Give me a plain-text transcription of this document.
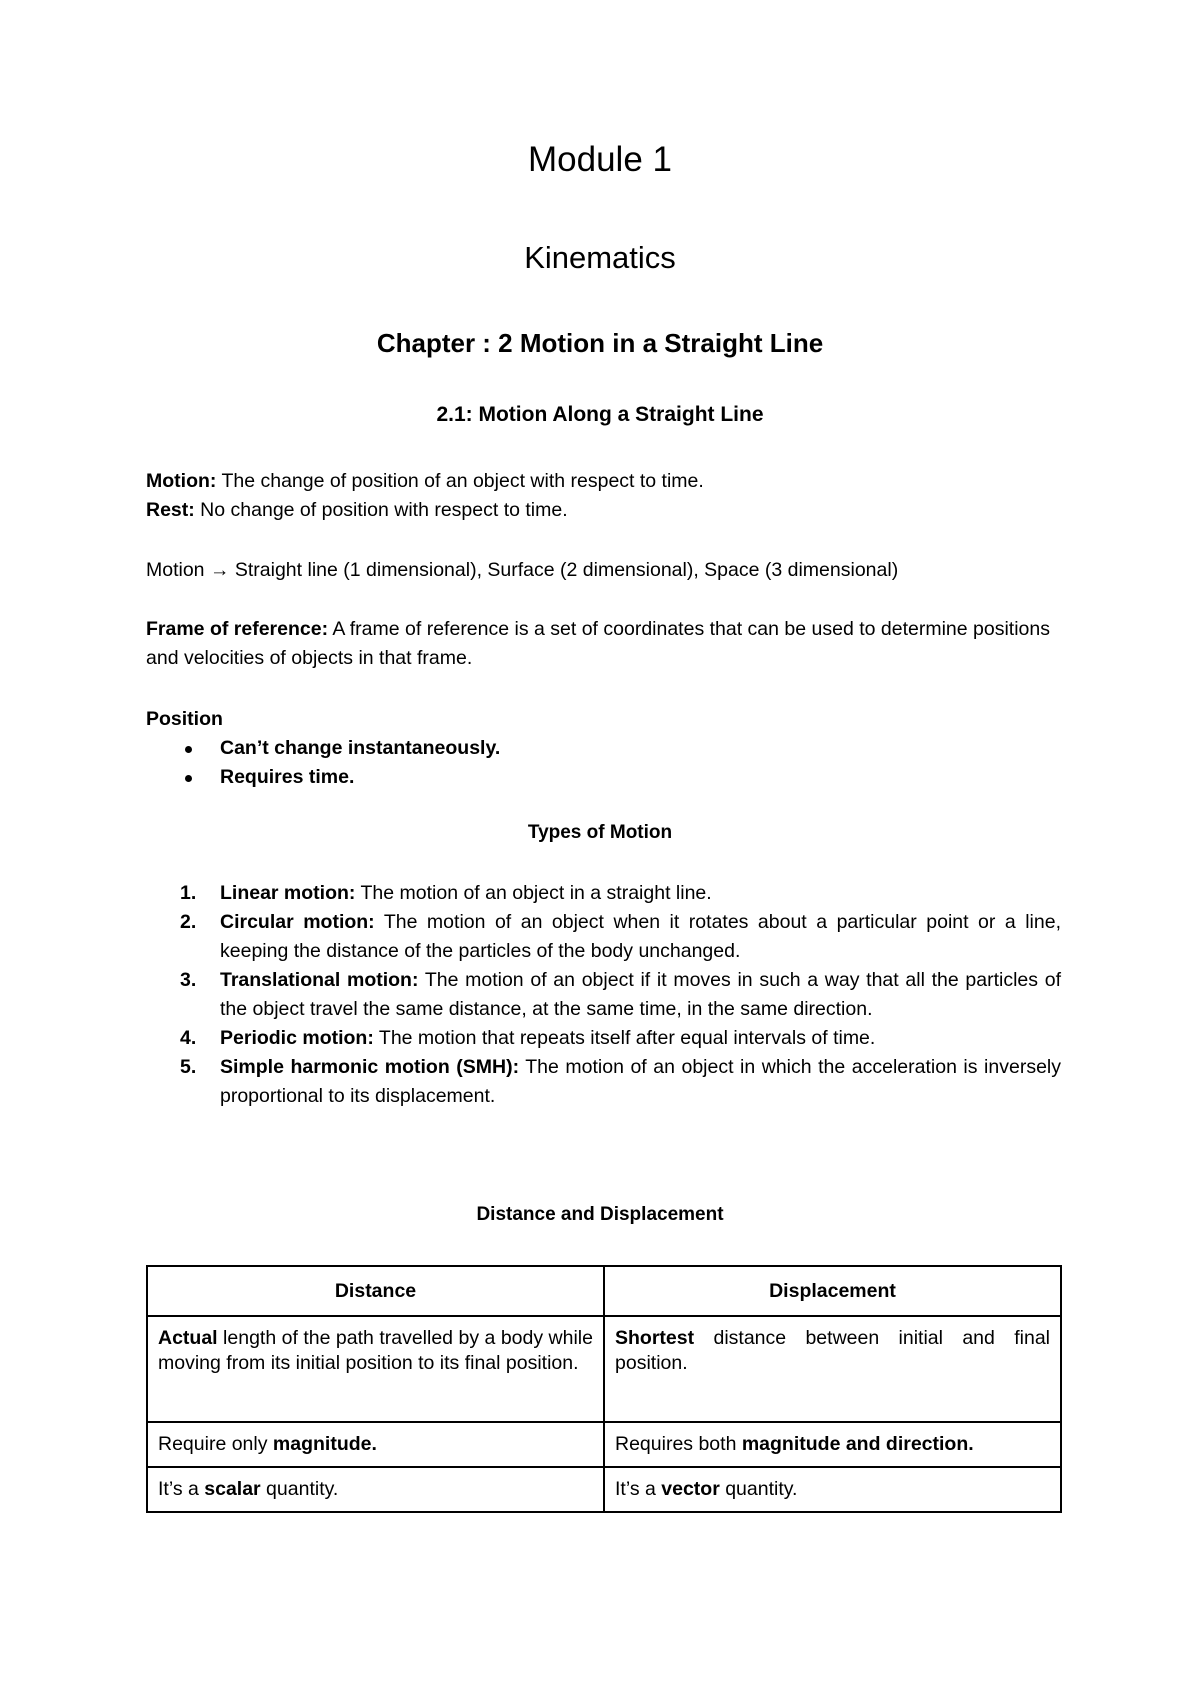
Module 1
Kinematics
Chapter : 2 Motion in a Straight Line
2.1: Motion Along a Straight Line
Motion: The change of position of an object with respect to time.
Rest: No change of position with respect to time.
Motion → Straight line (1 dimensional), Surface (2 dimensional), Space (3 dimensional)
Frame of reference: A frame of reference is a set of coordinates that can be used to determine positions and velocities of objects in that frame.
Position
Can’t change instantaneously.
Requires time.
Types of Motion
1. Linear motion: The motion of an object in a straight line.
2. Circular motion: The motion of an object when it rotates about a particular point or a line, keeping the distance of the particles of the body unchanged.
3. Translational motion: The motion of an object if it moves in such a way that all the particles of the object travel the same distance, at the same time, in the same direction.
4. Periodic motion: The motion that repeats itself after equal intervals of time.
5. Simple harmonic motion (SMH): The motion of an object in which the acceleration is inversely proportional to its displacement.
Distance and Displacement
Distance	Displacement
Actual length of the path travelled by a body while moving from its initial position to its final position.	Shortest distance between initial and final position.
Require only magnitude.	Requires both magnitude and direction.
It’s a scalar quantity.	It’s a vector quantity.
